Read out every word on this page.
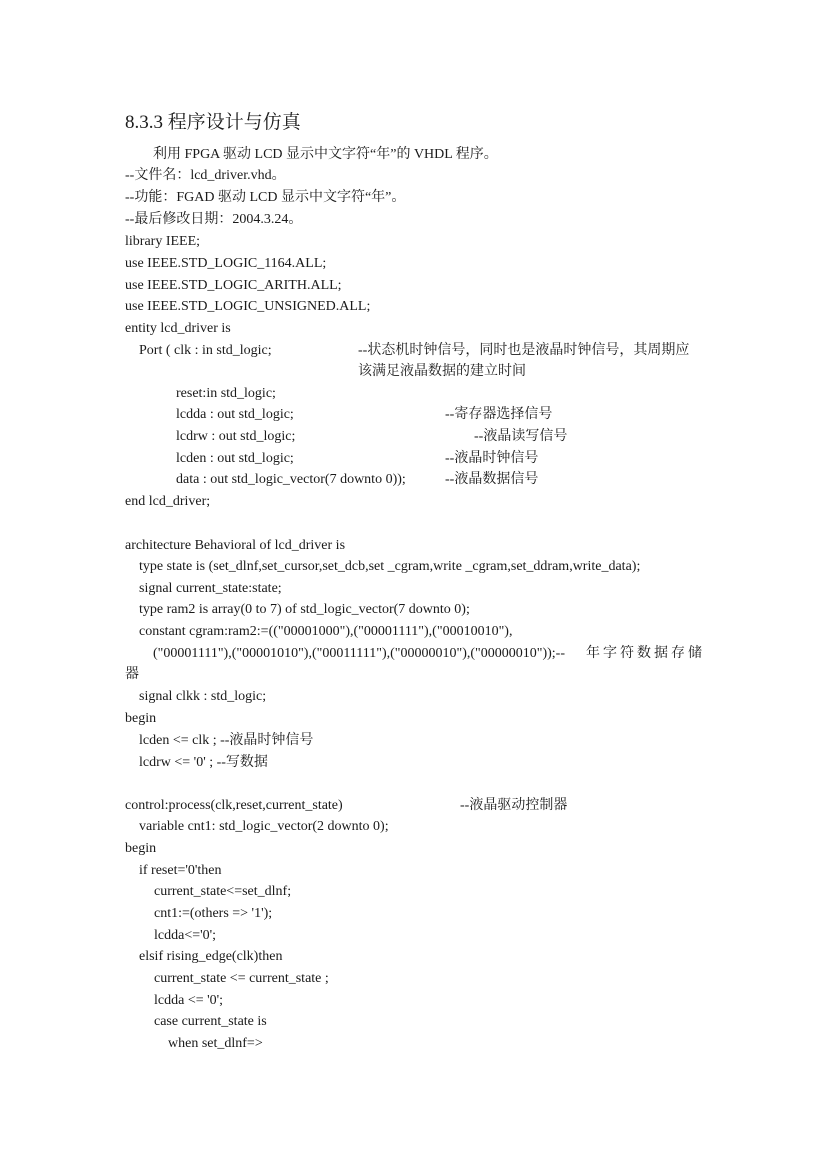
8.3.3 程序设计与仿真
利用 FPGA 驱动 LCD 显示中文字符“年”的 VHDL 程序。
--文件名：lcd_driver.vhd。
--功能：FGAD 驱动 LCD 显示中文字符“年”。
--最后修改日期：2004.3.24。
library IEEE;
use IEEE.STD_LOGIC_1164.ALL;
use IEEE.STD_LOGIC_ARITH.ALL;
use IEEE.STD_LOGIC_UNSIGNED.ALL;
entity lcd_driver is
Port ( clk : in std_logic;	--状态机时钟信号，同时也是液晶时钟信号，其周期应
该满足液晶数据的建立时间
reset:in std_logic;
lcdda : out std_logic;	--寄存器选择信号
lcdrw : out std_logic;	--液晶读写信号
lcden : out std_logic;	--液晶时钟信号
data : out std_logic_vector(7 downto 0));	--液晶数据信号
end lcd_driver;
architecture Behavioral of lcd_driver is
type state is (set_dlnf,set_cursor,set_dcb,set _cgram,write _cgram,set_ddram,write_data);
signal current_state:state;
type ram2 is array(0 to 7) of std_logic_vector(7 downto 0);
constant cgram:ram2:=(("00001000"),("00001111"),("00010010"),
("00001111"),("00001010"),("00011111"),("00000010"),("00000010"));-- 年字符数据存储
器
signal clkk : std_logic;
begin
lcden <= clk ; --液晶时钟信号
lcdrw <= '0' ; --写数据
control:process(clk,reset,current_state)	--液晶驱动控制器
variable cnt1: std_logic_vector(2 downto 0);
begin
if reset='0'then
current_state<=set_dlnf;
cnt1:=(others => '1');
lcdda<='0';
elsif rising_edge(clk)then
current_state <= current_state ;
lcdda <= '0';
case current_state is
when set_dlnf=>
